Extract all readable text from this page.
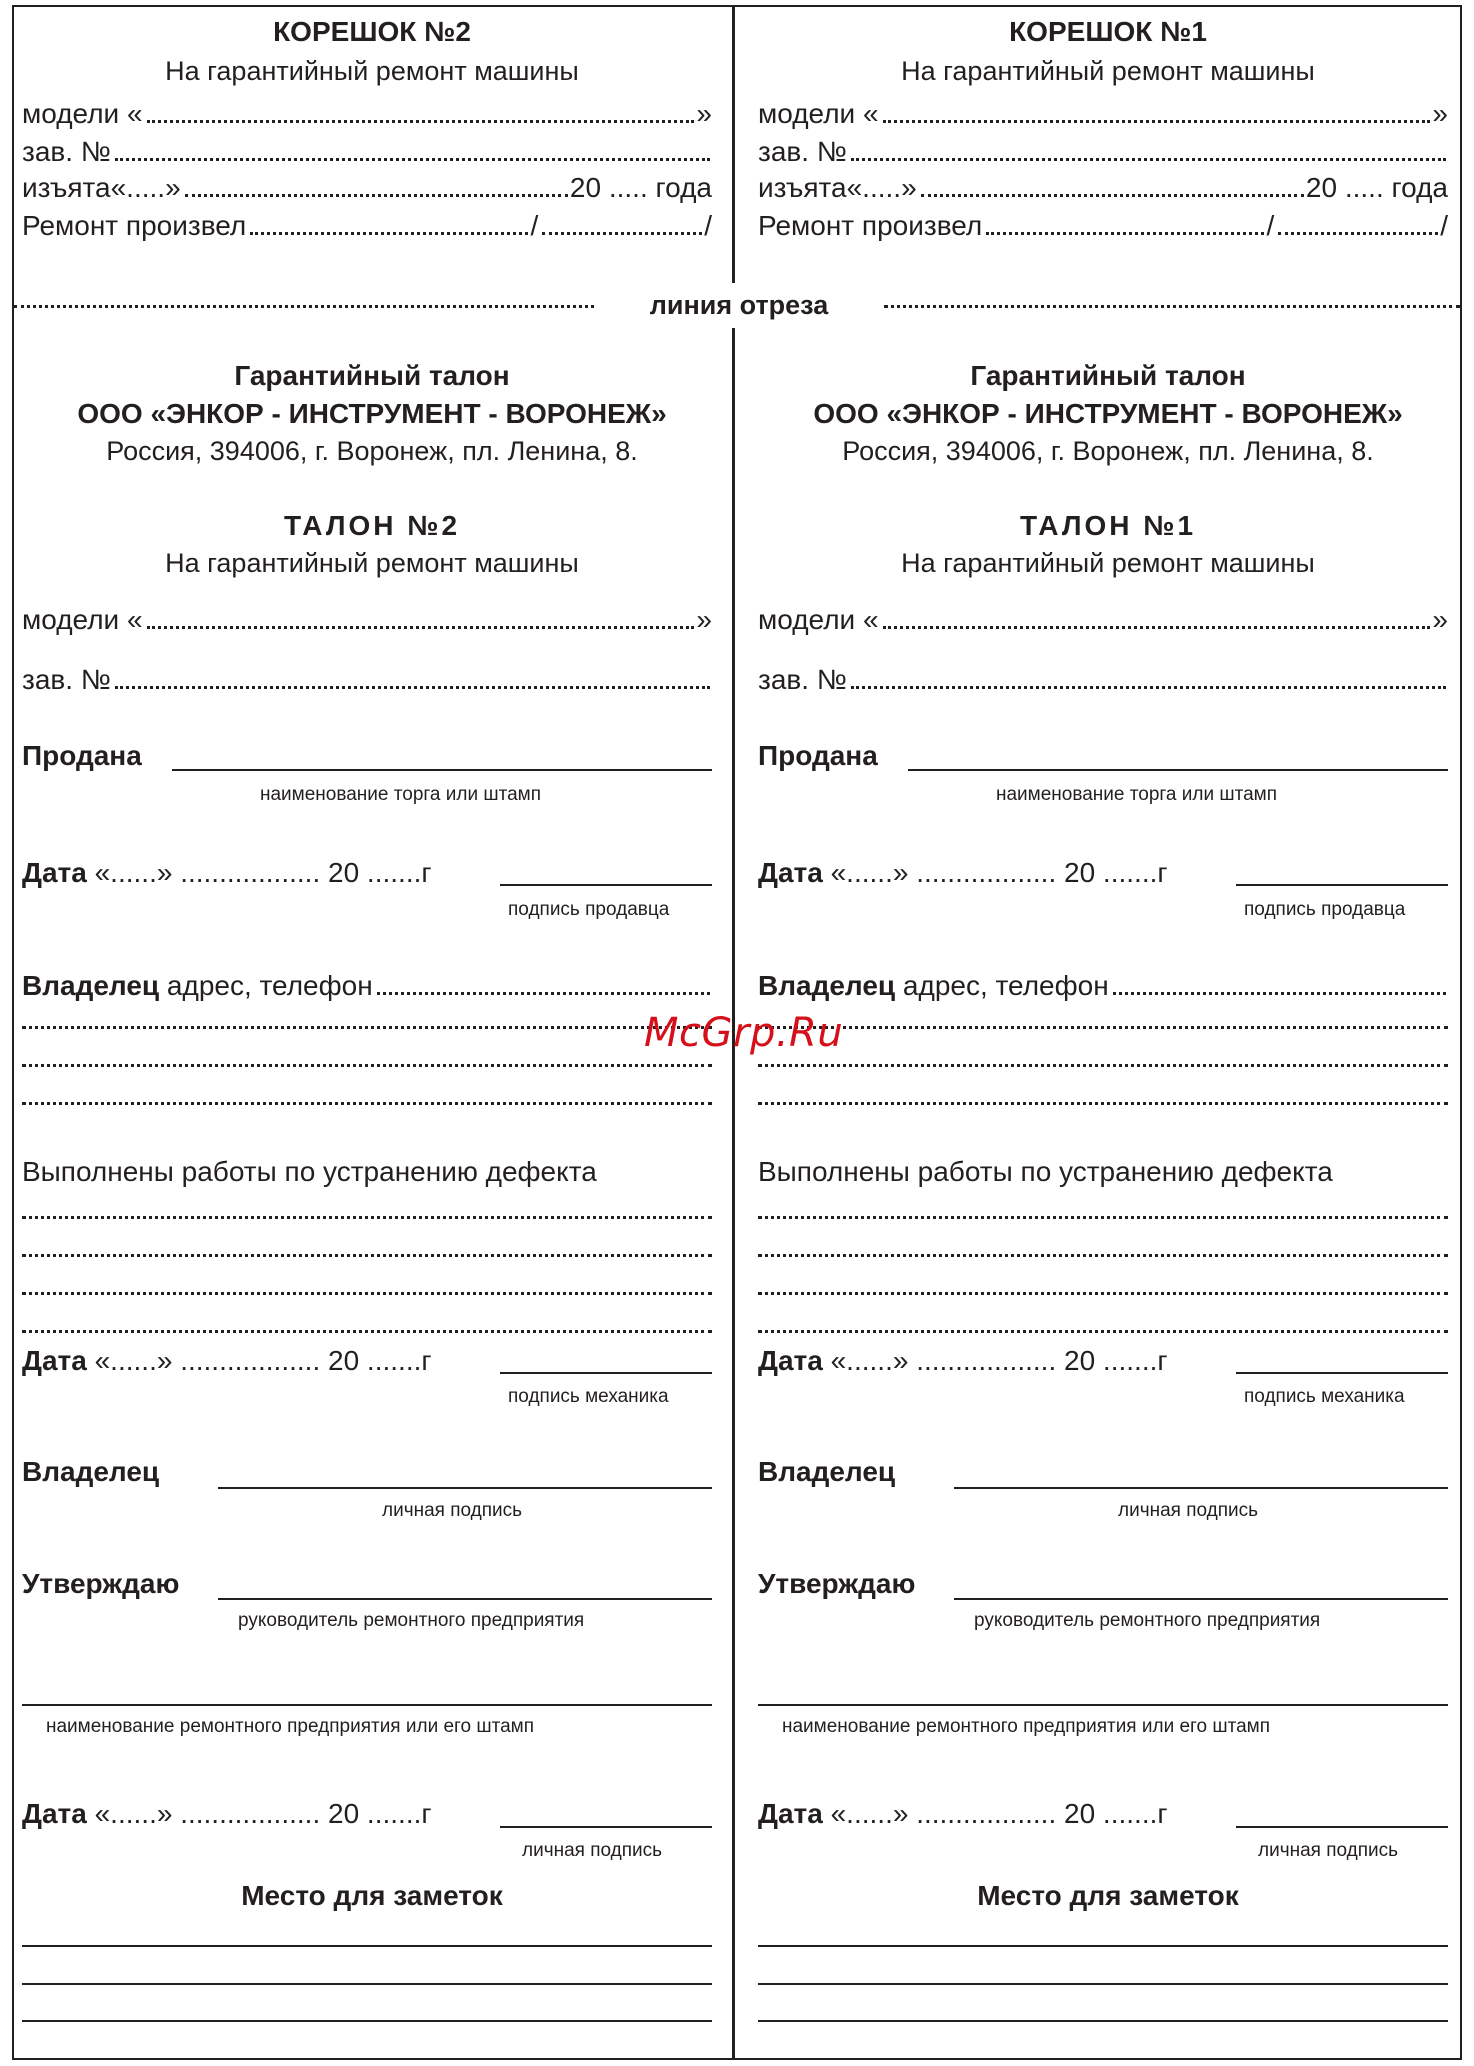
линия отреза
КОРЕШОК №2
На гарантийный ремонт машины
модели «	»
зав. №
изъята«.....»	20 ..... года
Ремонт произвел	/	/
Гарантийный талон
ООО «ЭНКОР - ИНСТРУМЕНТ - ВОРОНЕЖ»
Россия, 394006, г. Воронеж, пл. Ленина, 8.
ТАЛОН №2
На гарантийный ремонт машины
модели «	»
зав. №
Продана
наименование торга или штамп
Дата «......» .................. 20 .......г
подпись продавца
Владелец адрес, телефон
Выполнены работы по устранению дефекта
Дата «......» .................. 20 .......г
подпись механика
Владелец
личная подпись
Утверждаю
руководитель ремонтного предприятия
наименование ремонтного предприятия или его штамп
Дата «......» .................. 20 .......г
личная подпись
Место для заметок
КОРЕШОК №1
На гарантийный ремонт машины
модели «	»
зав. №
изъята«.....»	20 ..... года
Ремонт произвел	/	/
Гарантийный талон
ООО «ЭНКОР - ИНСТРУМЕНТ - ВОРОНЕЖ»
Россия, 394006, г. Воронеж, пл. Ленина, 8.
ТАЛОН №1
На гарантийный ремонт машины
модели «	»
зав. №
Продана
наименование торга или штамп
Дата «......» .................. 20 .......г
подпись продавца
Владелец адрес, телефон
Выполнены работы по устранению дефекта
Дата «......» .................. 20 .......г
подпись механика
Владелец
личная подпись
Утверждаю
руководитель ремонтного предприятия
наименование ремонтного предприятия или его штамп
Дата «......» .................. 20 .......г
личная подпись
Место для заметок
McGrp.Ru
